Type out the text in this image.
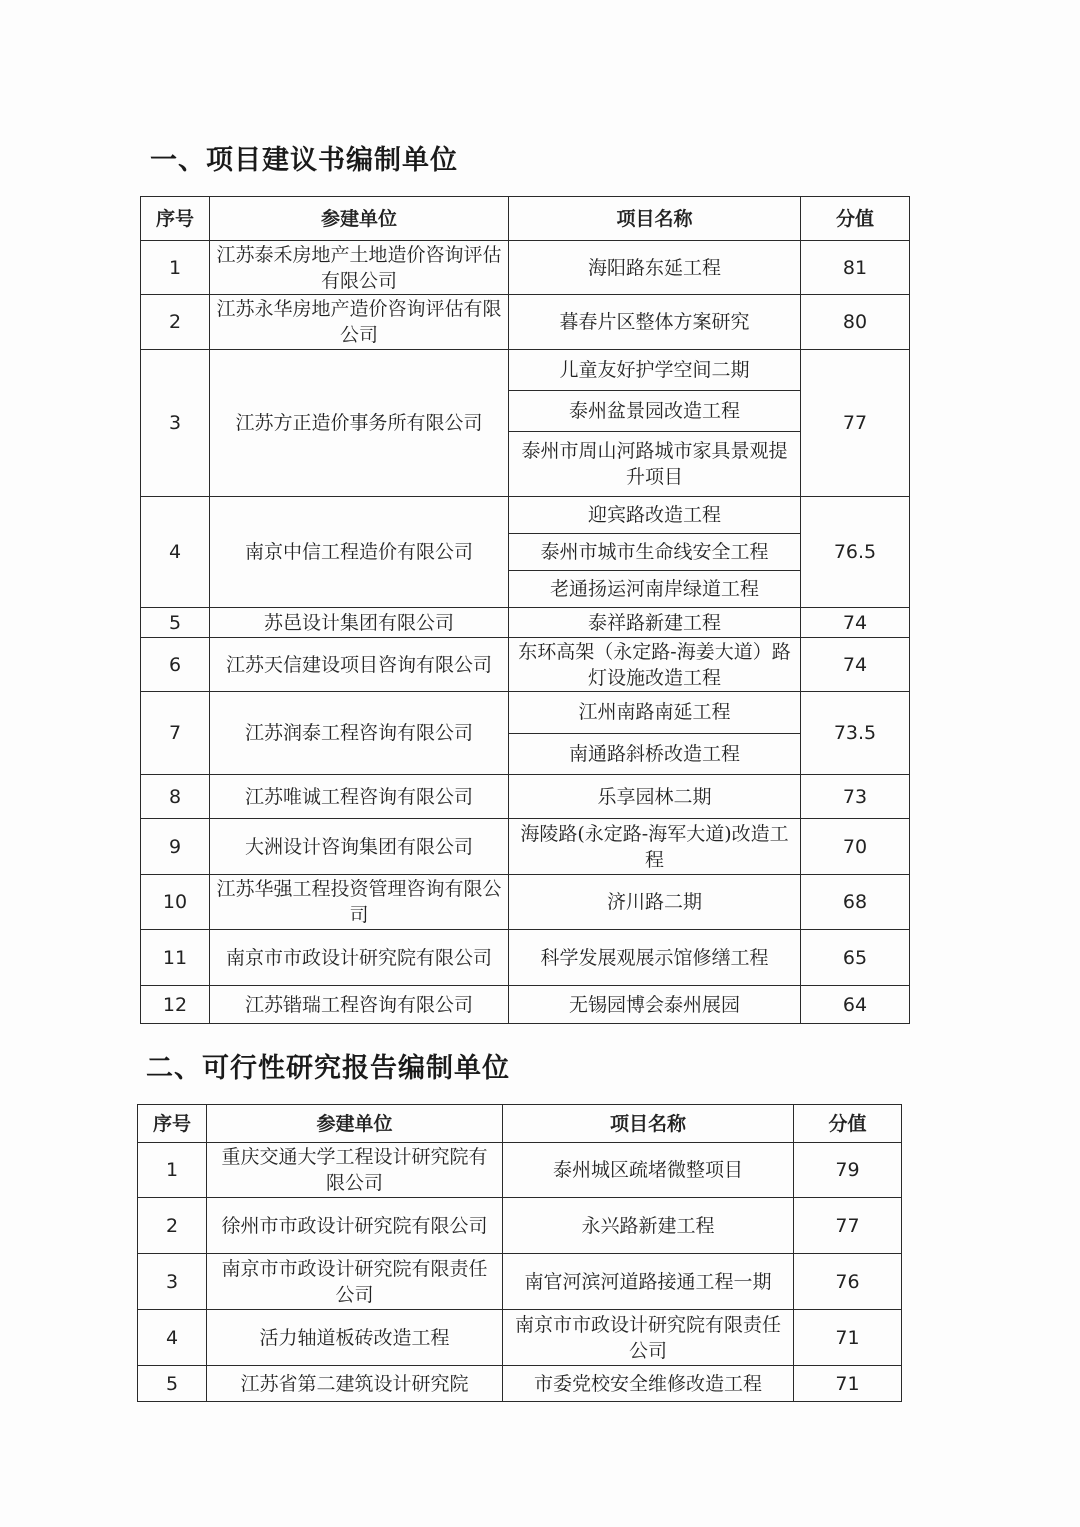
一、项目建议书编制单位
序号	参建单位	项目名称	分值
1	江苏泰禾房地产土地造价咨询评估有限公司	海阳路东延工程	81
2	江苏永华房地产造价咨询评估有限公司	暮春片区整体方案研究	80
3	江苏方正造价事务所有限公司	儿童友好护学空间二期
泰州盆景园改造工程
泰州市周山河路城市家具景观提升项目	77
4	南京中信工程造价有限公司	迎宾路改造工程
泰州市城市生命线安全工程
老通扬运河南岸绿道工程	76.5
5	苏邑设计集团有限公司	泰祥路新建工程	74
6	江苏天信建设项目咨询有限公司	东环高架（永定路-海姜大道）路灯设施改造工程	74
7	江苏润泰工程咨询有限公司	江州南路南延工程
南通路斜桥改造工程	73.5
8	江苏唯诚工程咨询有限公司	乐享园林二期	73
9	大洲设计咨询集团有限公司	海陵路(永定路-海军大道)改造工程	70
10	江苏华强工程投资管理咨询有限公司	济川路二期	68
11	南京市市政设计研究院有限公司	科学发展观展示馆修缮工程	65
12	江苏锴瑞工程咨询有限公司	无锡园博会泰州展园	64
二、可行性研究报告编制单位
序号	参建单位	项目名称	分值
1	重庆交通大学工程设计研究院有限公司	泰州城区疏堵微整项目	79
2	徐州市市政设计研究院有限公司	永兴路新建工程	77
3	南京市市政设计研究院有限责任公司	南官河滨河道路接通工程一期	76
4	活力轴道板砖改造工程	南京市市政设计研究院有限责任公司	71
5	江苏省第二建筑设计研究院	市委党校安全维修改造工程	71
